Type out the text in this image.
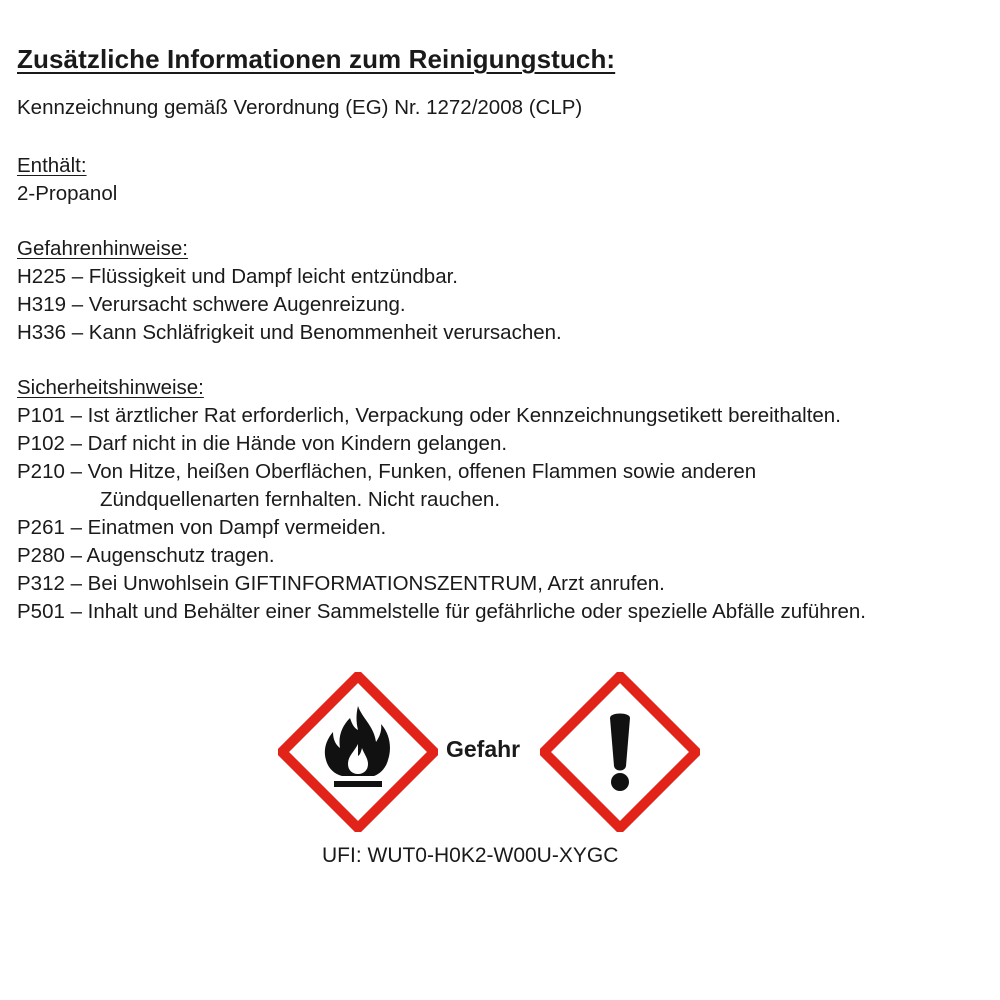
Zusätzliche Informationen zum Reinigungstuch:
Kennzeichnung gemäß Verordnung (EG) Nr. 1272/2008 (CLP)
Enthält:
2-Propanol
Gefahrenhinweise:
H225 – Flüssigkeit und Dampf leicht entzündbar.
H319 – Verursacht schwere Augenreizung.
H336 – Kann Schläfrigkeit und Benommenheit verursachen.
Sicherheitshinweise:
P101 – Ist ärztlicher Rat erforderlich, Verpackung oder Kennzeichnungsetikett bereithalten.
P102 – Darf nicht in die Hände von Kindern gelangen.
P210 – Von Hitze, heißen Oberflächen, Funken, offenen Flammen sowie anderen
Zündquellenarten fernhalten. Nicht rauchen.
P261 – Einatmen von Dampf vermeiden.
P280 – Augenschutz tragen.
P312 – Bei Unwohlsein GIFTINFORMATIONSZENTRUM, Arzt anrufen.
P501 – Inhalt und Behälter einer Sammelstelle für gefährliche oder spezielle Abfälle zuführen.
Gefahr
UFI: WUT0-H0K2-W00U-XYGC
